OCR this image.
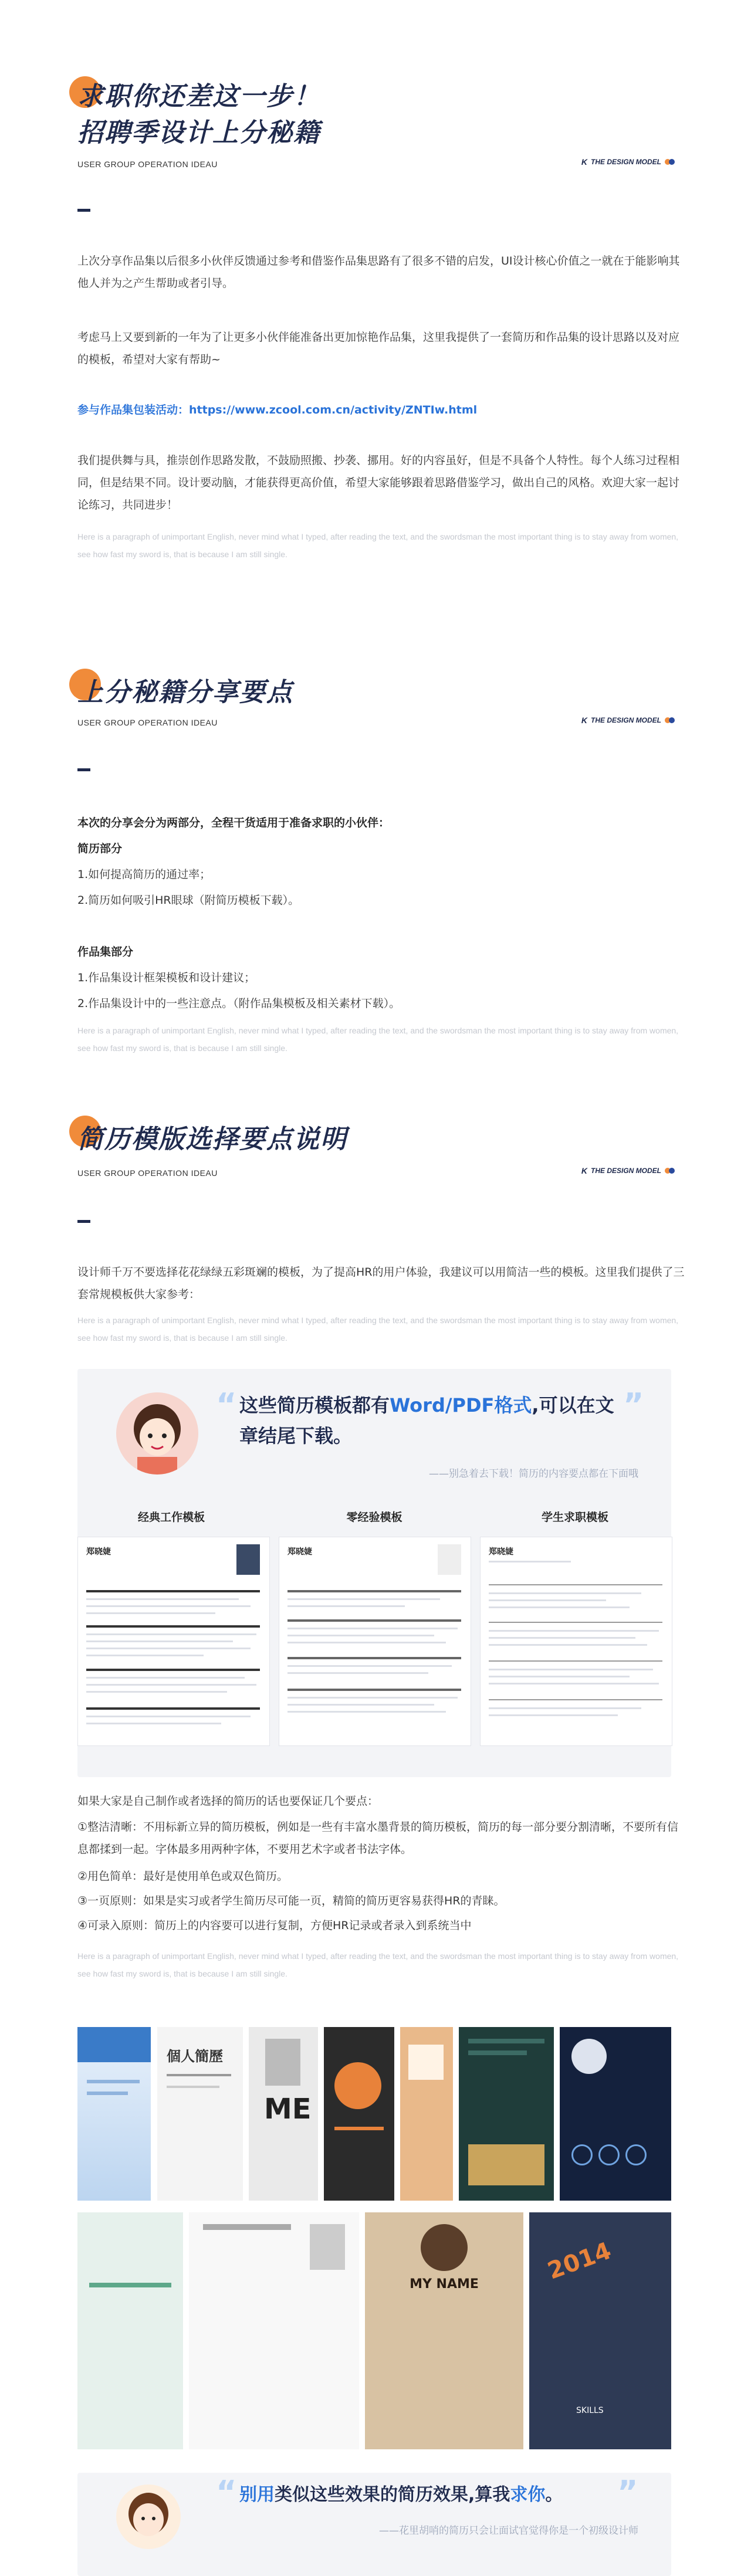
求职你还差这一步！
招聘季设计上分秘籍
USER GROUP OPERATION IDEAU	K THE DESIGN MODEL

上次分享作品集以后很多小伙伴反馈通过参考和借鉴作品集思路有了很多不错的启发，UI设计核心价值之一就在于能影响其他人并为之产生帮助或者引导。

考虑马上又要到新的一年为了让更多小伙伴能准备出更加惊艳作品集，这里我提供了一套简历和作品集的设计思路以及对应的模板，希望对大家有帮助~

参与作品集包装活动：https://www.zcool.com.cn/activity/ZNTIw.html

我们提供舞与具，推崇创作思路发散，不鼓励照搬、抄袭、挪用。好的内容虽好，但是不具备个人特性。每个人练习过程相同，但是结果不同。设计要动脑，才能获得更高价值，希望大家能够跟着思路借鉴学习，做出自己的风格。欢迎大家一起讨论练习，共同进步！

Here is a paragraph of unimportant English, never mind what I typed, after reading the text, and the swordsman the most important thing is to stay away from women, see how fast my sword is, that is because I am still single.

上分秘籍分享要点
USER GROUP OPERATION IDEAU	K THE DESIGN MODEL

本次的分享会分为两部分，全程干货适用于准备求职的小伙伴：

简历部分

1.如何提高简历的通过率；

2.简历如何吸引HR眼球（附简历模板下载）。

作品集部分

1.作品集设计框架模板和设计建议；

2.作品集设计中的一些注意点。（附作品集模板及相关素材下载）。

Here is a paragraph of unimportant English, never mind what I typed, after reading the text, and the swordsman the most important thing is to stay away from women, see how fast my sword is, that is because I am still single.

简历模版选择要点说明
USER GROUP OPERATION IDEAU	K THE DESIGN MODEL

设计师千万不要选择花花绿绿五彩斑斓的模板，为了提高HR的用户体验，我建议可以用简洁一些的模板。这里我们提供了三套常规模板供大家参考：

Here is a paragraph of unimportant English, never mind what I typed, after reading the text, and the swordsman the most important thing is to stay away from women, see how fast my sword is, that is because I am still single.

“	”
这些简历模板都有Word/PDF格式,可以在文章结尾下载。
——别急着去下载！简历的内容要点都在下面哦
经典工作模板	零经验模板	学生求职模板
郑晓婕	郑晓婕	郑晓婕

如果大家是自己制作或者选择的简历的话也要保证几个要点：

①整洁清晰：不用标新立异的简历模板，例如是一些有丰富水墨背景的简历模板，简历的每一部分要分割清晰，不要所有信息都揉到一起。字体最多用两种字体，不要用艺术字或者书法字体。

②用色简单：最好是使用单色或双色简历。

③一页原则：如果是实习或者学生简历尽可能一页，精简的简历更容易获得HR的青睐。

④可录入原则：简历上的内容要可以进行复制，方便HR记录或者录入到系统当中

Here is a paragraph of unimportant English, never mind what I typed, after reading the text, and the swordsman the most important thing is to stay away from women, see how fast my sword is, that is because I am still single.

個人簡歷
ME
MY NAME	2014
SKILLS
“	”
别用类似这些效果的简历效果,算我求你。
——花里胡哨的简历只会让面试官觉得你是一个初级设计师
